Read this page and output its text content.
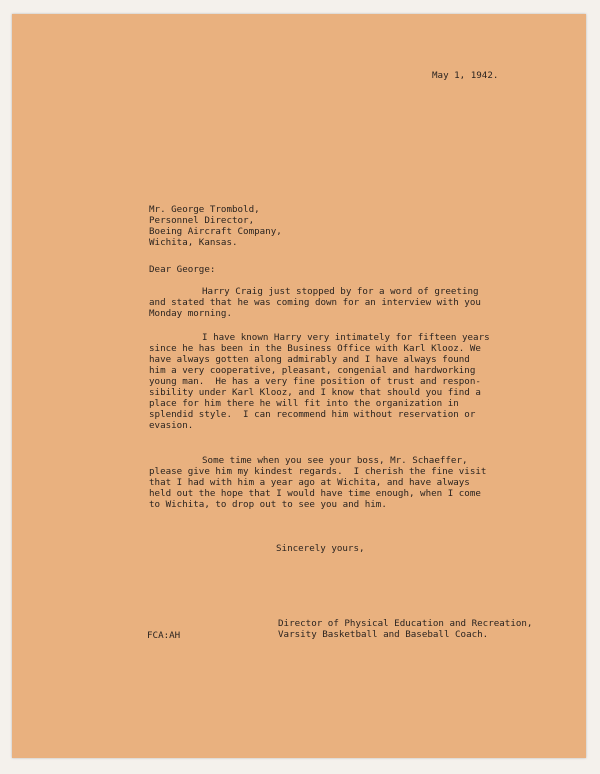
May 1, 1942.
Mr. George Trombold,
Personnel Director,
Boeing Aircraft Company,
Wichita, Kansas.
Dear George:
Harry Craig just stopped by for a word of greeting
and stated that he was coming down for an interview with you
Monday morning.
I have known Harry very intimately for fifteen years
since he has been in the Business Office with Karl Klooz. We
have always gotten along admirably and I have always found
him a very cooperative, pleasant, congenial and hardworking
young man.  He has a very fine position of trust and respon-
sibility under Karl Klooz, and I know that should you find a
place for him there he will fit into the organization in
splendid style.  I can recommend him without reservation or
evasion.
Some time when you see your boss, Mr. Schaeffer,
please give him my kindest regards.  I cherish the fine visit
that I had with him a year ago at Wichita, and have always
held out the hope that I would have time enough, when I come
to Wichita, to drop out to see you and him.
Sincerely yours,
Director of Physical Education and Recreation,
FCA:AH	Varsity Basketball and Baseball Coach.
